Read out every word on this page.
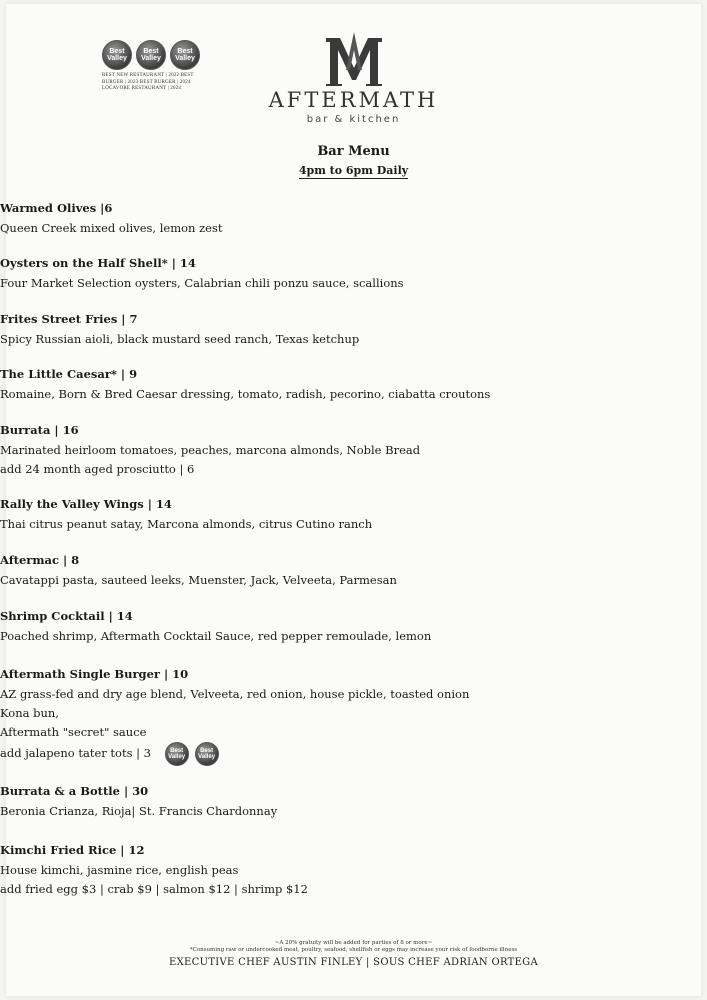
Best Valley
Best Valley
Best Valley
BEST NEW RESTAURANT | 2022 BEST BURGER | 2023 BEST BURGER | 2024 LOCAVORE RESTAURANT | 2024	AFTERMATH
bar & kitchen
Bar Menu
4pm to 6pm Daily
Warmed Olives |6
Queen Creek mixed olives, lemon zest
Oysters on the Half Shell* | 14
Four Market Selection oysters, Calabrian chili ponzu sauce, scallions
Frites Street Fries | 7
Spicy Russian aioli, black mustard seed ranch, Texas ketchup
The Little Caesar* | 9
Romaine, Born & Bred Caesar dressing, tomato, radish, pecorino, ciabatta croutons
Burrata | 16
Marinated heirloom tomatoes, peaches, marcona almonds, Noble Bread
add 24 month aged prosciutto | 6
Rally the Valley Wings | 14
Thai citrus peanut satay, Marcona almonds, citrus Cutino ranch
Aftermac | 8
Cavatappi pasta, sauteed leeks, Muenster, Jack, Velveeta, Parmesan
Shrimp Cocktail | 14
Poached shrimp, Aftermath Cocktail Sauce, red pepper remoulade, lemon
Aftermath Single Burger | 10
AZ grass-fed and dry age blend, Velveeta, red onion, house pickle, toasted onion
Kona bun,
Aftermath "secret" sauce
add jalapeno tater tots | 3	Best Valley
Best Valley
Burrata & a Bottle | 30
Beronia Crianza, Rioja| St. Francis Chardonnay
Kimchi Fried Rice | 12
House kimchi, jasmine rice, english peas
add fried egg $3 | crab $9 | salmon $12 | shrimp $12
~A 20% gratuity will be added for parties of 8 or more~
*Consuming raw or undercooked meat, poultry, seafood, shellfish or eggs may increase your risk of foodborne illness
EXECUTIVE CHEF AUSTIN FINLEY | SOUS CHEF ADRIAN ORTEGA
